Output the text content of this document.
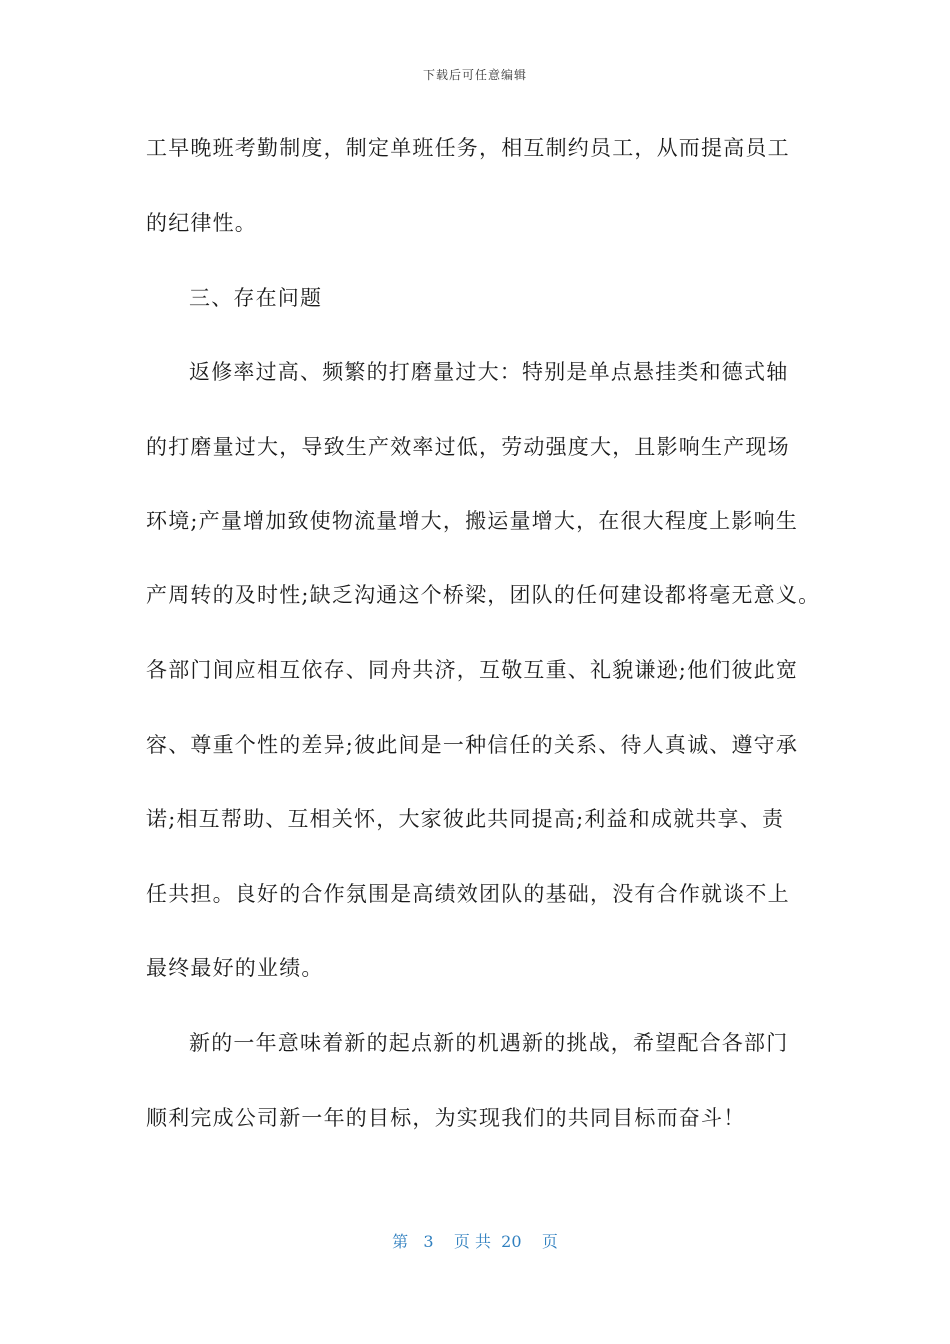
下载后可任意编辑
工早晚班考勤制度，制定单班任务，相互制约员工，从而提高员工
的纪律性。
三、存在问题
返修率过高、频繁的打磨量过大：特别是单点悬挂类和德式轴
的打磨量过大，导致生产效率过低，劳动强度大，且影响生产现场
环境;产量增加致使物流量增大，搬运量增大，在很大程度上影响生
产周转的及时性;缺乏沟通这个桥梁，团队的任何建设都将毫无意义。
各部门间应相互依存、同舟共济，互敬互重、礼貌谦逊;他们彼此宽
容、尊重个性的差异;彼此间是一种信任的关系、待人真诚、遵守承
诺;相互帮助、互相关怀，大家彼此共同提高;利益和成就共享、责
任共担。良好的合作氛围是高绩效团队的基础，没有合作就谈不上
最终最好的业绩。
新的一年意味着新的起点新的机遇新的挑战，希望配合各部门
顺利完成公司新一年的目标，为实现我们的共同目标而奋斗！
第 3 页 共 20 页
